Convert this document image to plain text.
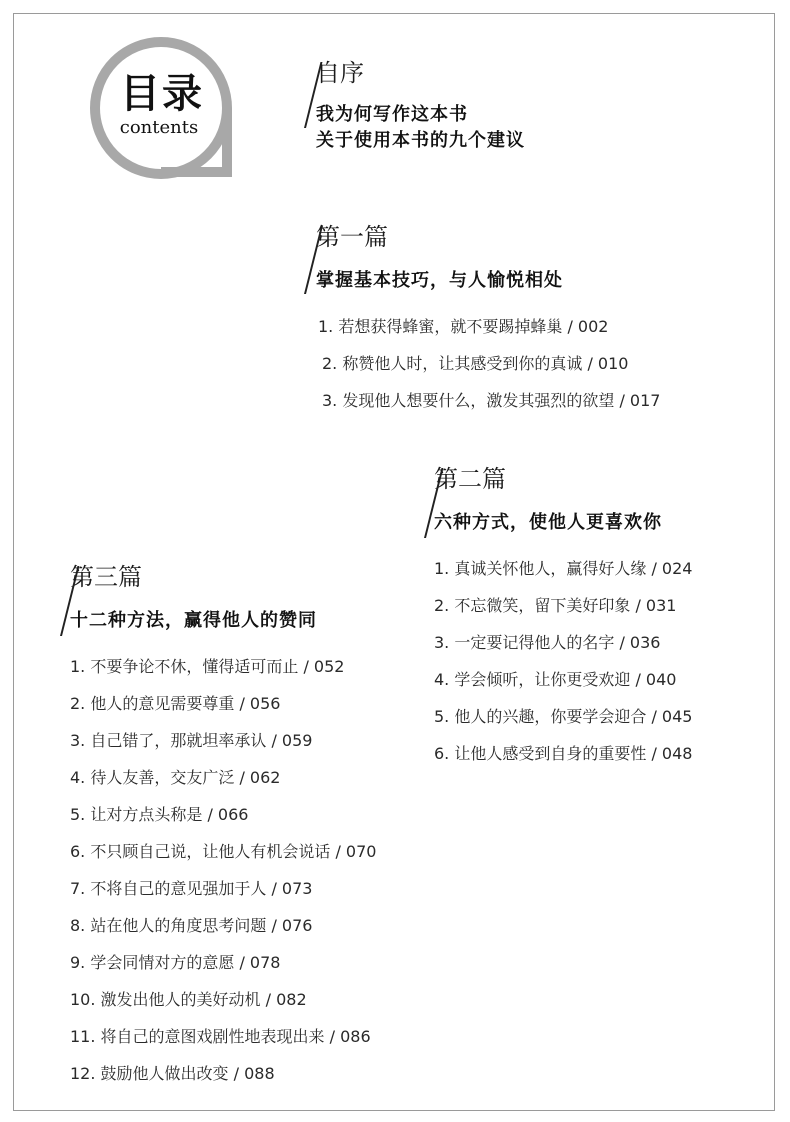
目录
contents
自序
我为何写作这本书
关于使用本书的九个建议
第一篇
掌握基本技巧，与人愉悦相处
1. 若想获得蜂蜜，就不要踢掉蜂巢 / 002
2. 称赞他人时，让其感受到你的真诚 / 010
3. 发现他人想要什么，激发其强烈的欲望 / 017
第二篇
六种方式，使他人更喜欢你
1. 真诚关怀他人，赢得好人缘 / 024
2. 不忘微笑，留下美好印象 / 031
3. 一定要记得他人的名字 / 036
4. 学会倾听，让你更受欢迎 / 040
5. 他人的兴趣，你要学会迎合 / 045
6. 让他人感受到自身的重要性 / 048
第三篇
十二种方法，赢得他人的赞同
1. 不要争论不休，懂得适可而止 / 052
2. 他人的意见需要尊重 / 056
3. 自己错了，那就坦率承认 / 059
4. 待人友善，交友广泛 / 062
5. 让对方点头称是 / 066
6. 不只顾自己说，让他人有机会说话 / 070
7. 不将自己的意见强加于人 / 073
8. 站在他人的角度思考问题 / 076
9. 学会同情对方的意愿 / 078
10. 激发出他人的美好动机 / 082
11. 将自己的意图戏剧性地表现出来 / 086
12. 鼓励他人做出改变 / 088
